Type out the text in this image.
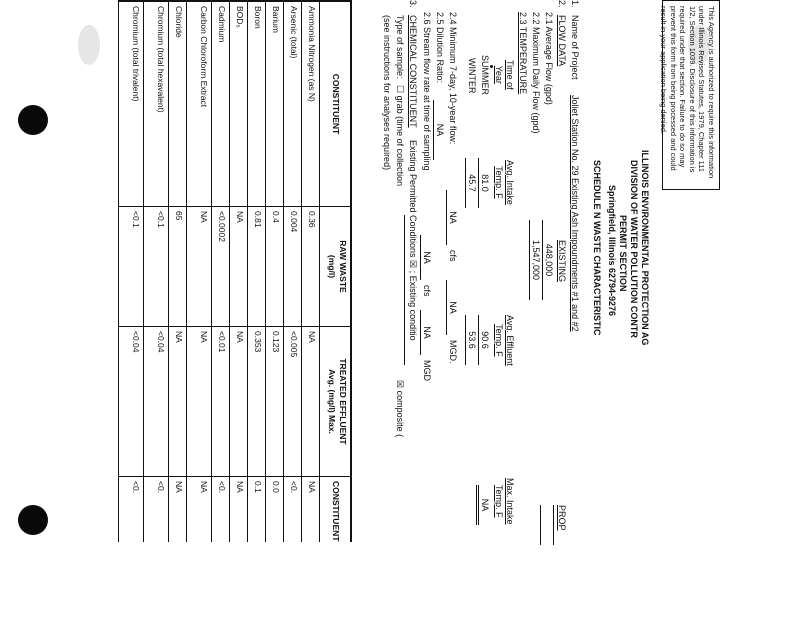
This Agency is authorized to require this information under Illinois Revised Statutes, 1979, Chapter 111 1/2, Section 1039. Disclosure of this information is required under that section. Failure to do so may prevent this form from being processed and could result in your application being denied.
ILLINOIS ENVIRONMENTAL PROTECTION AG
DIVISION OF WATER POLLUTION CONTR
PERMIT SECTION
Springfield, Illinois 62794-9276
SCHEDULE N WASTE CHARACTERISTIC
1.
Name of Project
Joliet Station No. 29 Existing Ash Impoundments #1 and #2
2.
FLOW DATA
EXISTING
PROP
2.1 Average Flow (gpd)
448,000
2.2 Maximum Daily Flow (gpd)
1,547,000
2.3 TEMPERATURE
Time of
Year
Avg. Intake
Temp. F
Avg. Effluent
Temp. F
Max. Intake
Temp. F
SUMMER
81.0
90.6
NA
WINTER
45.7
53.6
2.4 Minimum 7-day, 10-year flow:
NA
cfs
NA
MGD.
2.5 Dilution Ratio:
NA
2.6 Stream flow rate at time of sampling
NA
cfs
NA
MGD
3.
CHEMICAL CONSTITUENT
Existing Permitted Conditions ☒ ; Existing conditio
Type of sample:
☐ grab (time of collection
☒ composite (
(see instructions for analyses required)
CONSTITUENT
RAW WASTE
(mg/l)
TREATED EFFLUENT
Avg. (mg/l) Max.
CONSTITUENT
Ammonia Nitrogen (as N)
0.36
NA
NA
Arsenic (total)
0.004
<0.005
<0.
Barium
0.4
0.123
0.0
Boron
0.81
0.353
0.1
BOD₅
NA
NA
NA
Cadmium
<0.0002
<0.01
<0.
Carbon Chloroform Extract
NA
NA
NA
Chloride
65
NA
NA
Chromium (total hexavalent)
<0.1
<0.04
<0.
Chromium (total trivalent)
<0.1
<0.04
<0.
